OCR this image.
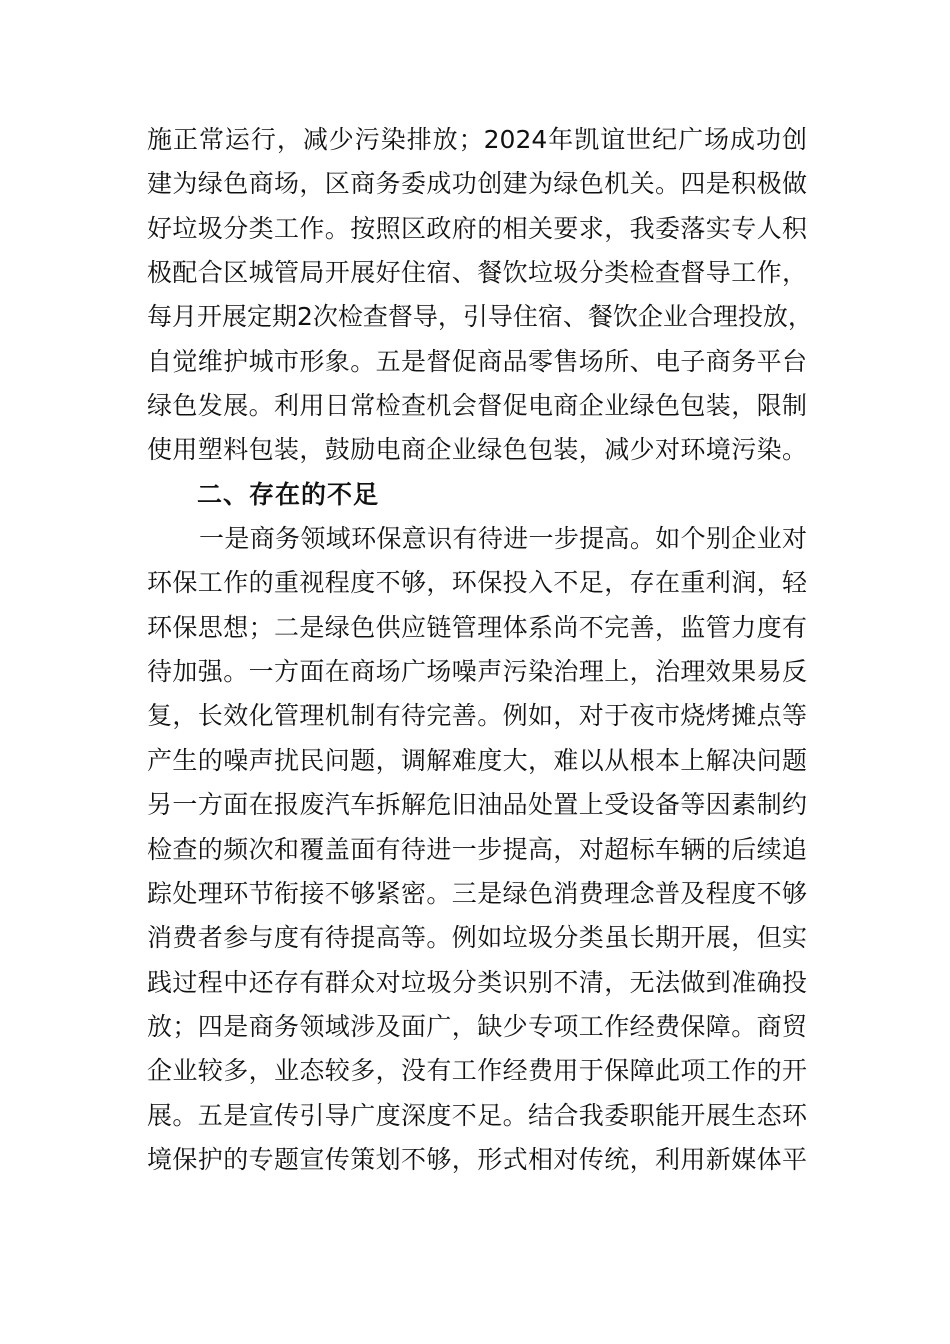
施正常运行，减少污染排放；2024年凯谊世纪广场成功创
建为绿色商场，区商务委成功创建为绿色机关。四是积极做
好垃圾分类工作。按照区政府的相关要求，我委落实专人积
极配合区城管局开展好住宿、餐饮垃圾分类检查督导工作，
每月开展定期2次检查督导，引导住宿、餐饮企业合理投放，
自觉维护城市形象。五是督促商品零售场所、电子商务平台
绿色发展。利用日常检查机会督促电商企业绿色包装，限制
使用塑料包装，鼓励电商企业绿色包装，减少对环境污染。
二、存在的不足
一是商务领域环保意识有待进一步提高。如个别企业对
环保工作的重视程度不够，环保投入不足，存在重利润，轻
环保思想；二是绿色供应链管理体系尚不完善，监管力度有
待加强。一方面在商场广场噪声污染治理上，治理效果易反
复，长效化管理机制有待完善。例如，对于夜市烧烤摊点等
产生的噪声扰民问题，调解难度大，难以从根本上解决问题
另一方面在报废汽车拆解危旧油品处置上受设备等因素制约
检查的频次和覆盖面有待进一步提高，对超标车辆的后续追
踪处理环节衔接不够紧密。三是绿色消费理念普及程度不够
消费者参与度有待提高等。例如垃圾分类虽长期开展，但实
践过程中还存有群众对垃圾分类识别不清，无法做到准确投
放；四是商务领域涉及面广，缺少专项工作经费保障。商贸
企业较多，业态较多，没有工作经费用于保障此项工作的开
展。五是宣传引导广度深度不足。结合我委职能开展生态环
境保护的专题宣传策划不够，形式相对传统，利用新媒体平
